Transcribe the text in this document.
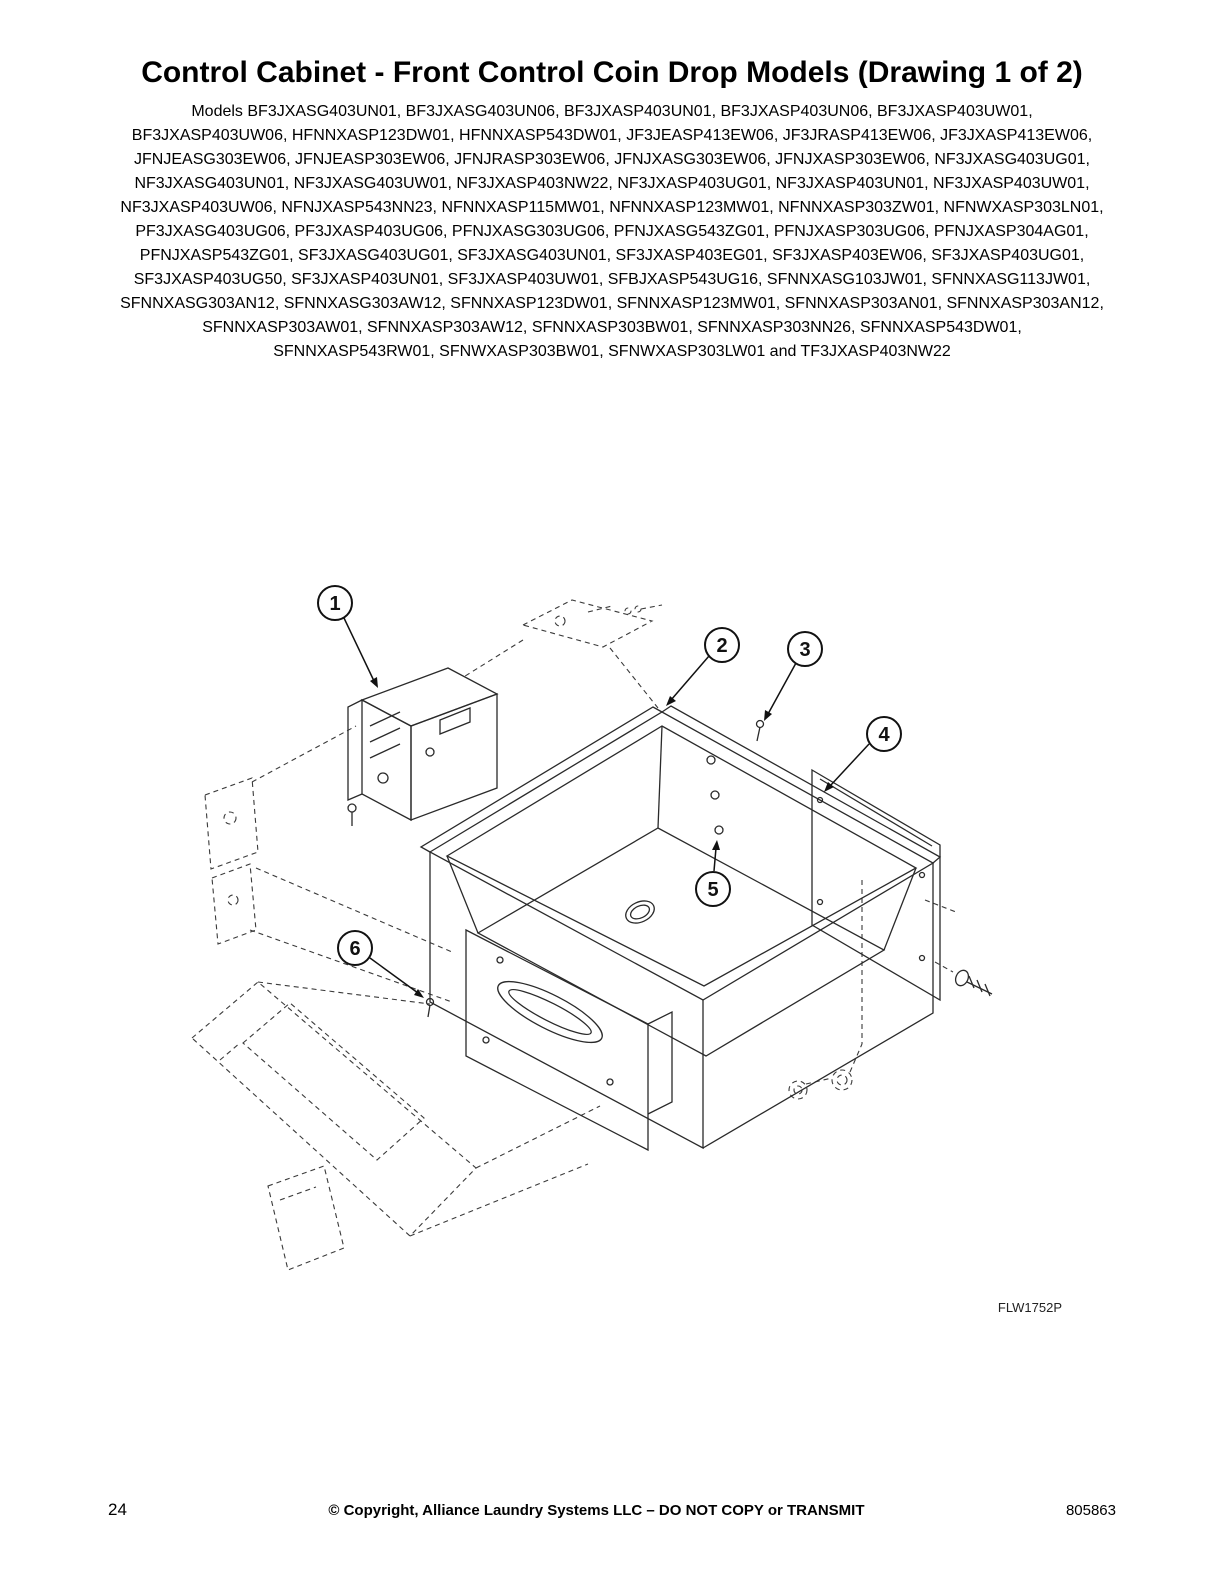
Control Cabinet - Front Control Coin Drop Models (Drawing 1 of 2)

Models BF3JXASG403UN01, BF3JXASG403UN06, BF3JXASP403UN01, BF3JXASP403UN06, BF3JXASP403UW01, BF3JXASP403UW06, HFNNXASP123DW01, HFNNXASP543DW01, JF3JEASP413EW06, JF3JRASP413EW06, JF3JXASP413EW06, JFNJEASG303EW06, JFNJEASP303EW06, JFNJRASP303EW06, JFNJXASG303EW06, JFNJXASP303EW06, NF3JXASG403UG01, NF3JXASG403UN01, NF3JXASG403UW01, NF3JXASP403NW22, NF3JXASP403UG01, NF3JXASP403UN01, NF3JXASP403UW01, NF3JXASP403UW06, NFNJXASP543NN23, NFNNXASP115MW01, NFNNXASP123MW01, NFNNXASP303ZW01, NFNWXASP303LN01, PF3JXASG403UG06, PF3JXASP403UG06, PFNJXASG303UG06, PFNJXASG543ZG01, PFNJXASP303UG06, PFNJXASP304AG01, PFNJXASP543ZG01, SF3JXASG403UG01, SF3JXASG403UN01, SF3JXASP403EG01, SF3JXASP403EW06, SF3JXASP403UG01, SF3JXASP403UG50, SF3JXASP403UN01, SF3JXASP403UW01, SFBJXASP543UG16, SFNNXASG103JW01, SFNNXASG113JW01, SFNNXASG303AN12, SFNNXASG303AW12, SFNNXASP123DW01, SFNNXASP123MW01, SFNNXASP303AN01, SFNNXASP303AN12, SFNNXASP303AW01, SFNNXASP303AW12, SFNNXASP303BW01, SFNNXASP303NN26, SFNNXASP543DW01, SFNNXASP543RW01, SFNWXASP303BW01, SFNWXASP303LW01 and TF3JXASP403NW22

1
2	3
4
5
6
FLW1752P
24	© Copyright, Alliance Laundry Systems LLC – DO NOT COPY or TRANSMIT	805863
